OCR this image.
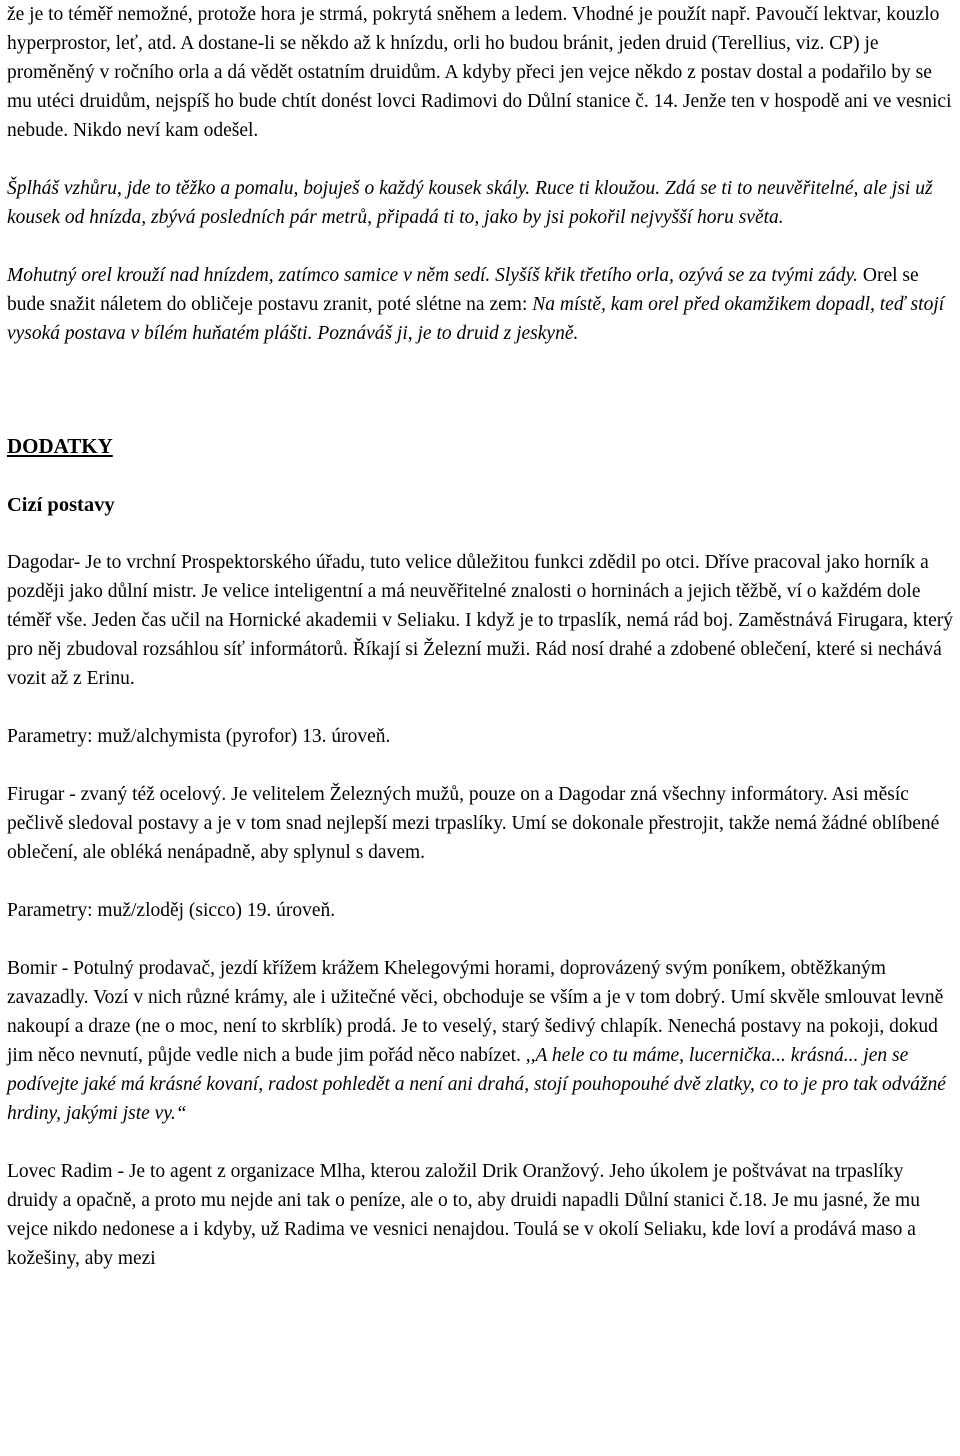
že je to téměř nemožné, protože hora je strmá, pokrytá sněhem a ledem. Vhodné je použít např. Pavoučí lektvar, kouzlo hyperprostor, leť, atd. A dostane-li se někdo až k hnízdu, orli ho budou bránit, jeden druid (Terellius, viz. CP) je proměněný v ročního orla a dá vědět ostatním druidům. A kdyby přeci jen vejce někdo z postav dostal a podařilo by se mu utéci druidům, nejspíš ho bude chtít donést lovci Radimovi do Důlní stanice č. 14. Jenže ten v hospodě ani ve vesnici nebude. Nikdo neví kam odešel.

Šplháš vzhůru, jde to těžko a pomalu, bojuješ o každý kousek skály. Ruce ti kloužou. Zdá se ti to neuvěřitelné, ale jsi už kousek od hnízda, zbývá posledních pár metrů, připadá ti to, jako by jsi pokořil nejvyšší horu světa.

Mohutný orel krouží nad hnízdem, zatímco samice v něm sedí. Slyšíš křik třetího orla, ozývá se za tvými zády. Orel se bude snažit náletem do obličeje postavu zranit, poté slétne na zem: Na místě, kam orel před okamžikem dopadl, teď stojí vysoká postava v bílém huňatém plášti. Poznáváš ji, je to druid z jeskyně.

DODATKY
Cizí postavy

Dagodar- Je to vrchní Prospektorského úřadu, tuto velice důležitou funkci zdědil po otci. Dříve pracoval jako horník a později jako důlní mistr. Je velice inteligentní a má neuvěřitelné znalosti o horninách a jejich těžbě, ví o každém dole téměř vše. Jeden čas učil na Hornické akademii v Seliaku. I když je to trpaslík, nemá rád boj. Zaměstnává Firugara, který pro něj zbudoval rozsáhlou síť informátorů. Říkají si Železní muži. Rád nosí drahé a zdobené oblečení, které si nechává vozit až z Erinu.

Parametry: muž/alchymista (pyrofor) 13. úroveň.

Firugar - zvaný též ocelový. Je velitelem Železných mužů, pouze on a Dagodar zná všechny informátory. Asi měsíc pečlivě sledoval postavy a je v tom snad nejlepší mezi trpaslíky. Umí se dokonale přestrojit, takže nemá žádné oblíbené oblečení, ale obléká nenápadně, aby splynul s davem.

Parametry: muž/zloděj (sicco) 19. úroveň.

Bomir - Potulný prodavač, jezdí křížem krážem Khelegovými horami, doprovázený svým poníkem, obtěžkaným zavazadly. Vozí v nich různé krámy, ale i užitečné věci, obchoduje se vším a je v tom dobrý. Umí skvěle smlouvat levně nakoupí a draze (ne o moc, není to skrblík) prodá. Je to veselý, starý šedivý chlapík. Nenechá postavy na pokoji, dokud jim něco nevnutí, půjde vedle nich a bude jim pořád něco nabízet. ,,A hele co tu máme, lucernička... krásná... jen se podívejte jaké má krásné kovaní, radost pohledět a není ani drahá, stojí pouhopouhé dvě zlatky, co to je pro tak odvážné hrdiny, jakými jste vy.“

Lovec Radim - Je to agent z organizace Mlha, kterou založil Drik Oranžový. Jeho úkolem je poštvávat na trpaslíky druidy a opačně, a proto mu nejde ani tak o peníze, ale o to, aby druidi napadli Důlní stanici č.18. Je mu jasné, že mu vejce nikdo nedonese a i kdyby, už Radima ve vesnici nenajdou. Toulá se v okolí Seliaku, kde loví a prodává maso a kožešiny, aby mezi
